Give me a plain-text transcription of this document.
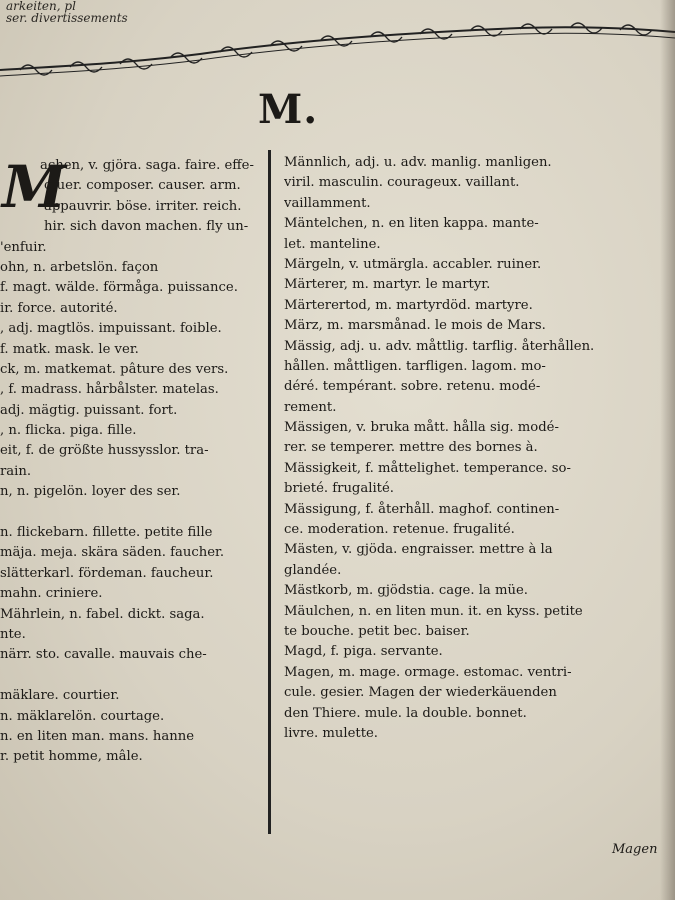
arkeiten, pl
ser. divertissements
M.
M
achen, v. gjöra. saga. faire. effe-
ctuer. composer. causer. arm.
appauvrir. böse. irriter. reich.
hir. sich davon machen. fly un-
'enfuir.
ohn, n. arbetslön. façon
f. magt. wälde. förmåga. puissance.
ir. force. autorité.
, adj. magtlös. impuissant. foible.
f. matk. mask. le ver.
ck, m. matkemat. pâture des vers.
, f. madrass. hårbålster. matelas.
adj. mägtig. puissant. fort.
, n. flicka. piga. fille.
eit, f. de größte hussysslor. tra-
rain.
n, n. pigelön. loyer des ser.
n. flickebarn. fillette. petite fille
mäja. meja. skära säden. faucher.
slätterkarl. fördeman. faucheur.
mahn. criniere.
Mährlein, n. fabel. dickt. saga.
nte.
närr. sto. cavalle. mauvais che-
mäklare. courtier.
n. mäklarelön. courtage.
n. en liten man. mans. hanne
r. petit homme, mâle.
Männlich, adj. u. adv. manlig. manligen.
viril. masculin. courageux. vaillant.
vaillamment.
Mäntelchen, n. en liten kappa. mante-
let. manteline.
Märgeln, v. utmärgla. accabler. ruiner.
Märterer, m. martyr. le martyr.
Märterertod, m. martyrdöd. martyre.
März, m. marsmånad. le mois de Mars.
Mässig, adj. u. adv. måttlig. tarflig. återhållen.
hållen. måttligen. tarfligen. lagom. mo-
déré. tempérant. sobre. retenu. modé-
rement.
Mässigen, v. bruka mått. hålla sig. modé-
rer. se temperer. mettre des bornes à.
Mässigkeit, f. måttelighet. temperance. so-
brieté. frugalité.
Mässigung, f. återhåll. maghof. continen-
ce. moderation. retenue. frugalité.
Mästen, v. gjöda. engraisser. mettre à la
glandée.
Mästkorb, m. gjödstia. cage. la müe.
Mäulchen, n. en liten mun. it. en kyss. petite
te bouche. petit bec. baiser.
Magd, f. piga. servante.
Magen, m. mage. ormage. estomac. ventri-
cule. gesier. Magen der wiederkäuenden
den Thiere. mule. la double. bonnet.
livre. mulette.
Magen
